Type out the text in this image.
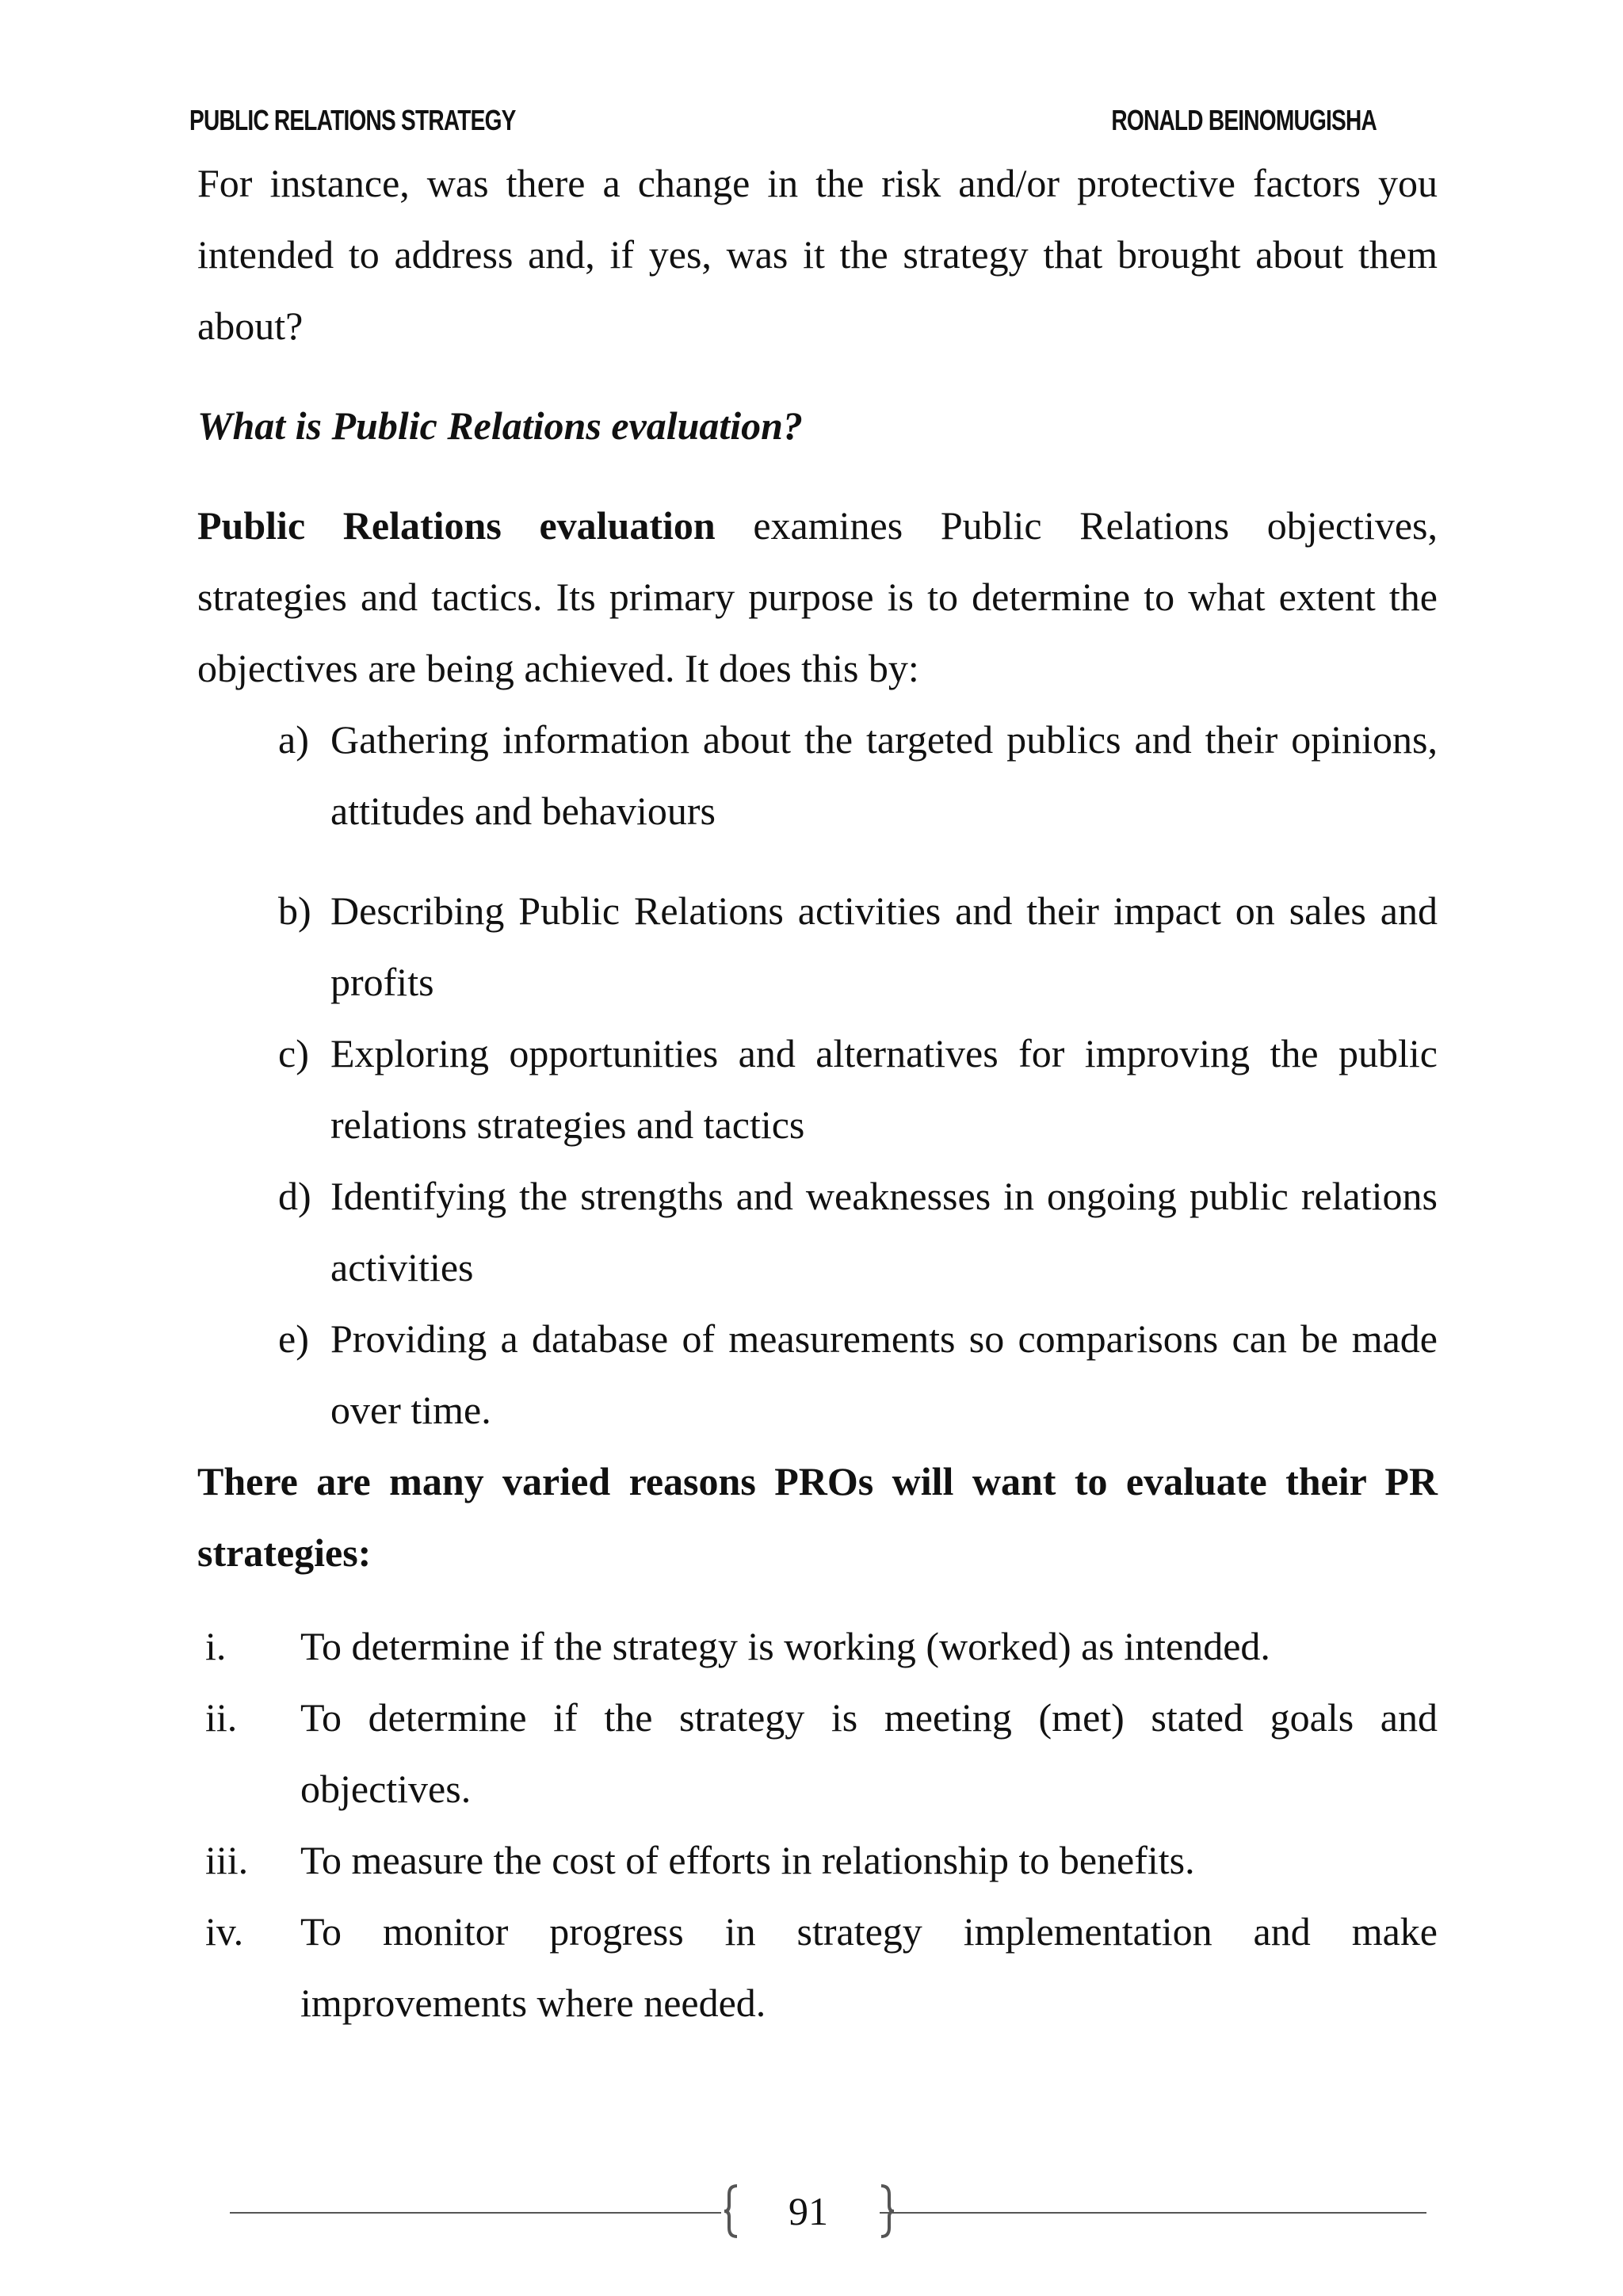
PUBLIC RELATIONS STRATEGY	RONALD BEINOMUGISHA

For instance, was there a change in the risk and/or protective factors you

intended to address and, if yes, was it the strategy that brought about them

about?

What is Public Relations evaluation?

Public Relations evaluation examines Public Relations objectives,

strategies and tactics. Its primary purpose is to determine to what extent the objectives are being achieved. It does this by:

a) Gathering information about the targeted publics and their opinions, attitudes and behaviours
b) Describing Public Relations activities and their impact on sales and profits
c) Exploring opportunities and alternatives for improving the public relations strategies and tactics
d) Identifying the strengths and weaknesses in ongoing public relations activities
e) Providing a database of measurements so comparisons can be made over time.

There are many varied reasons PROs will want to evaluate their PR strategies:

i. To determine if the strategy is working (worked) as intended.
ii. To determine if the strategy is meeting (met) stated goals and objectives.
iii. To measure the cost of efforts in relationship to benefits.
iv. To monitor progress in strategy implementation and make improvements where needed.
91
